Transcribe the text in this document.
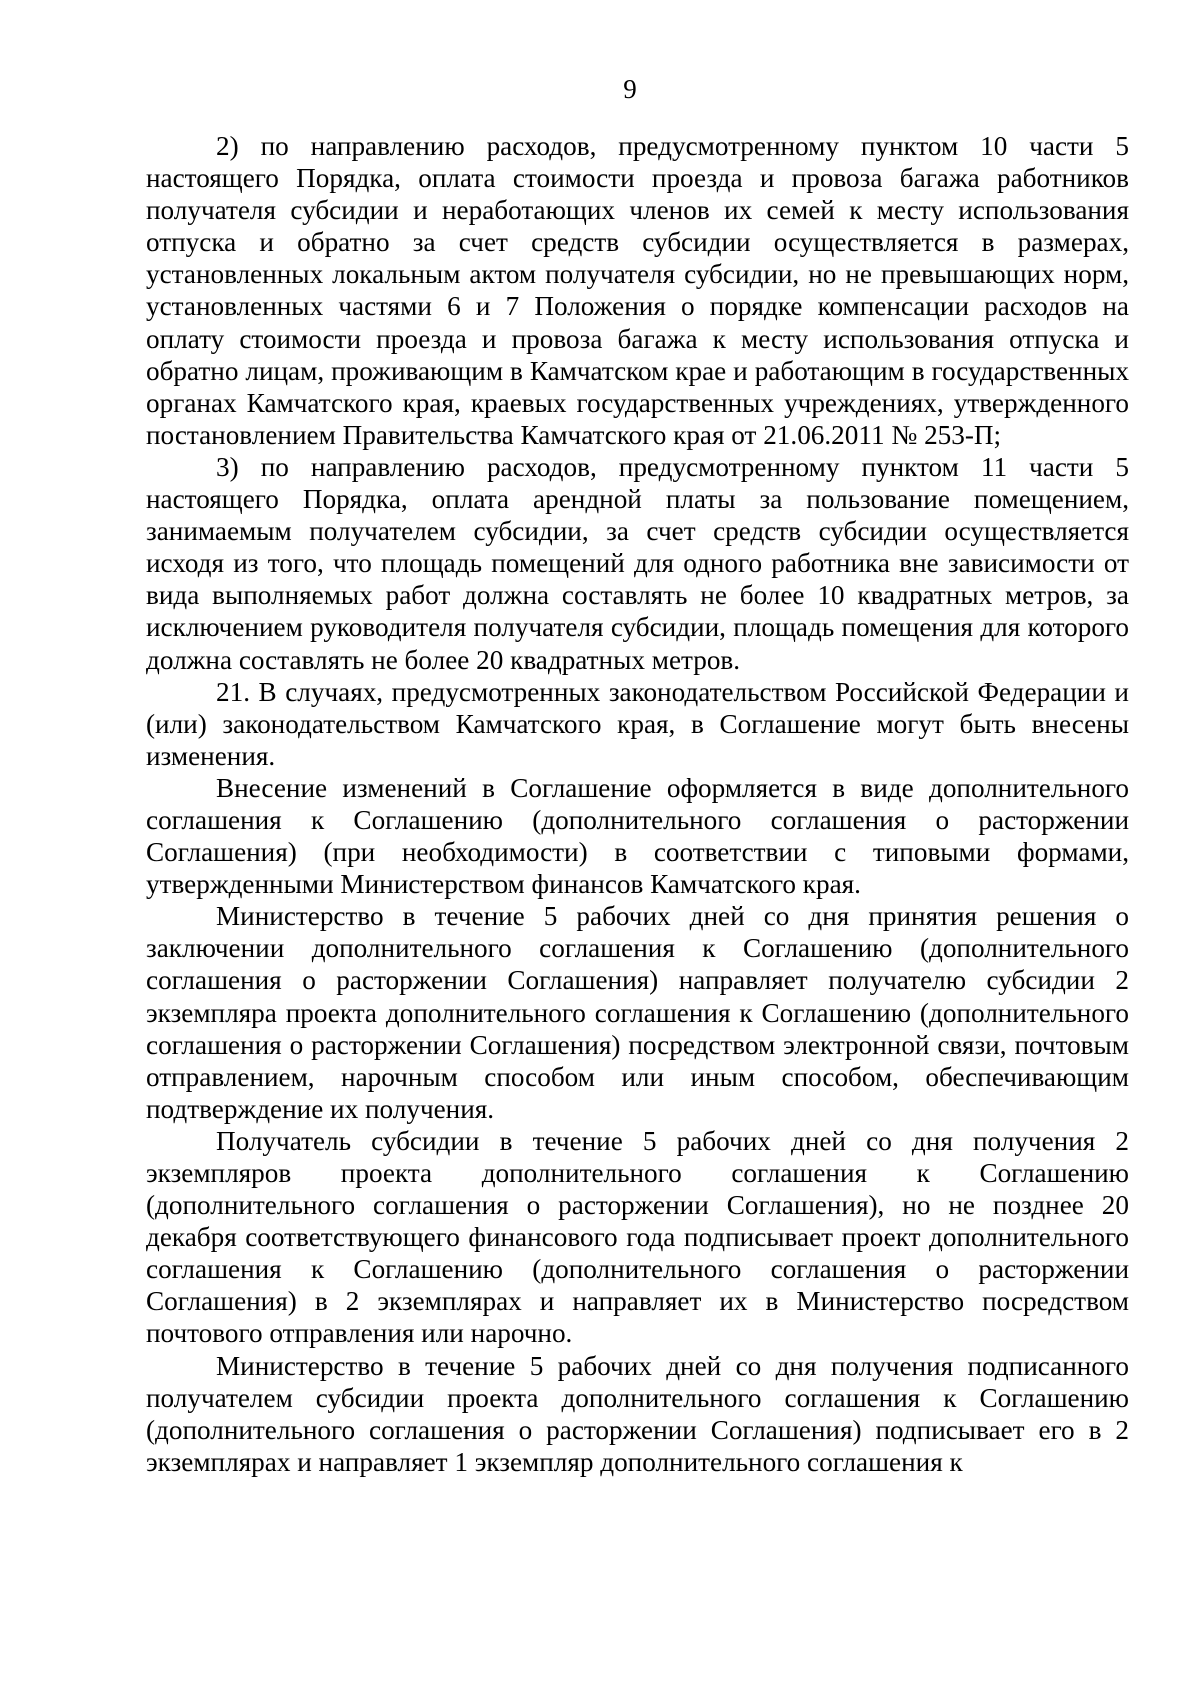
9

2) по направлению расходов, предусмотренному пунктом 10 части 5 настоящего Порядка, оплата стоимости проезда и провоза багажа работников получателя субсидии и неработающих членов их семей к месту использования отпуска и обратно за счет средств субсидии осуществляется в размерах, установленных локальным актом получателя субсидии, но не превышающих норм, установленных частями 6 и 7 Положения о порядке компенсации расходов на оплату стоимости проезда и провоза багажа к месту использования отпуска и обратно лицам, проживающим в Камчатском крае и работающим в государственных органах Камчатского края, краевых государственных учреждениях, утвержденного постановлением Правительства Камчатского края от 21.06.2011 № 253-П;

3) по направлению расходов, предусмотренному пунктом 11 части 5 настоящего Порядка, оплата арендной платы за пользование помещением, занимаемым получателем субсидии, за счет средств субсидии осуществляется исходя из того, что площадь помещений для одного работника вне зависимости от вида выполняемых работ должна составлять не более 10 квадратных метров, за исключением руководителя получателя субсидии, площадь помещения для которого должна составлять не более 20 квадратных метров.

21. В случаях, предусмотренных законодательством Российской Федерации и (или) законодательством Камчатского края, в Соглашение могут быть внесены изменения.

Внесение изменений в Соглашение оформляется в виде дополнительного соглашения к Соглашению (дополнительного соглашения о расторжении Соглашения) (при необходимости) в соответствии с типовыми формами, утвержденными Министерством финансов Камчатского края.

Министерство в течение 5 рабочих дней со дня принятия решения о заключении дополнительного соглашения к Соглашению (дополнительного соглашения о расторжении Соглашения) направляет получателю субсидии 2 экземпляра проекта дополнительного соглашения к Соглашению (дополнительного соглашения о расторжении Соглашения) посредством электронной связи, почтовым отправлением, нарочным способом или иным способом, обеспечивающим подтверждение их получения.

Получатель субсидии в течение 5 рабочих дней со дня получения 2 экземпляров проекта дополнительного соглашения к Соглашению (дополнительного соглашения о расторжении Соглашения), но не позднее 20 декабря соответствующего финансового года подписывает проект дополнительного соглашения к Соглашению (дополнительного соглашения о расторжении Соглашения) в 2 экземплярах и направляет их в Министерство посредством почтового отправления или нарочно.

Министерство в течение 5 рабочих дней со дня получения подписанного получателем субсидии проекта дополнительного соглашения к Соглашению (дополнительного соглашения о расторжении Соглашения) подписывает его в 2 экземплярах и направляет 1 экземпляр дополнительного соглашения к
